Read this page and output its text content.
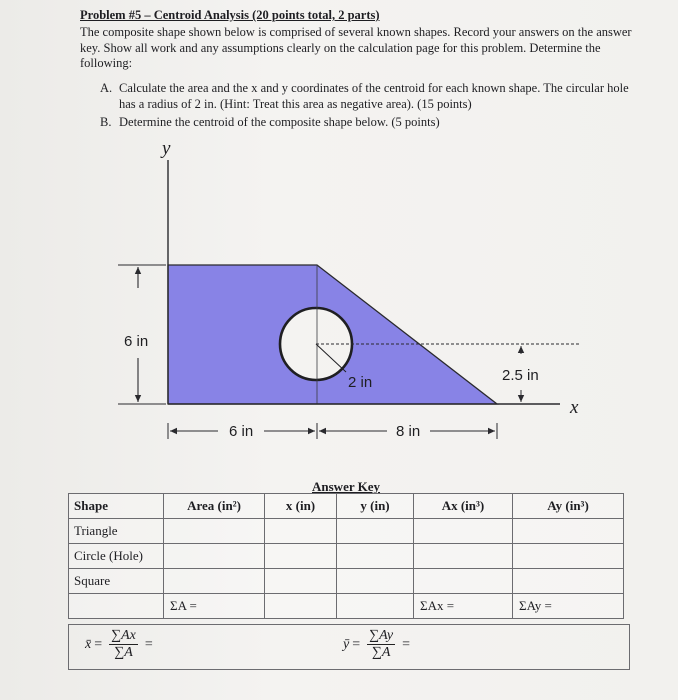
Problem #5 – Centroid Analysis (20 points total, 2 parts)
The composite shape shown below is comprised of several known shapes. Record your answers on the answer key. Show all work and any assumptions clearly on the calculation page for this problem. Determine the following:
A. Calculate the area and the x and y coordinates of the centroid for each known shape. The circular hole has a radius of 2 in. (Hint: Treat this area as negative area). (15 points)
B. Determine the centroid of the composite shape below. (5 points)
y
x
6 in
2 in	2.5 in
6 in	8 in
Answer Key
Shape	Area (in²)	x (in)	y (in)	Ax (in³)	Ay (in³)
Triangle					
Circle (Hole)					
Square					
	ΣA =			ΣAx =	ΣAy =
x̄ = $\frac{\sum Ax}{\sum A}$ =	ȳ = $\frac{\sum Ay}{\sum A}$ =
